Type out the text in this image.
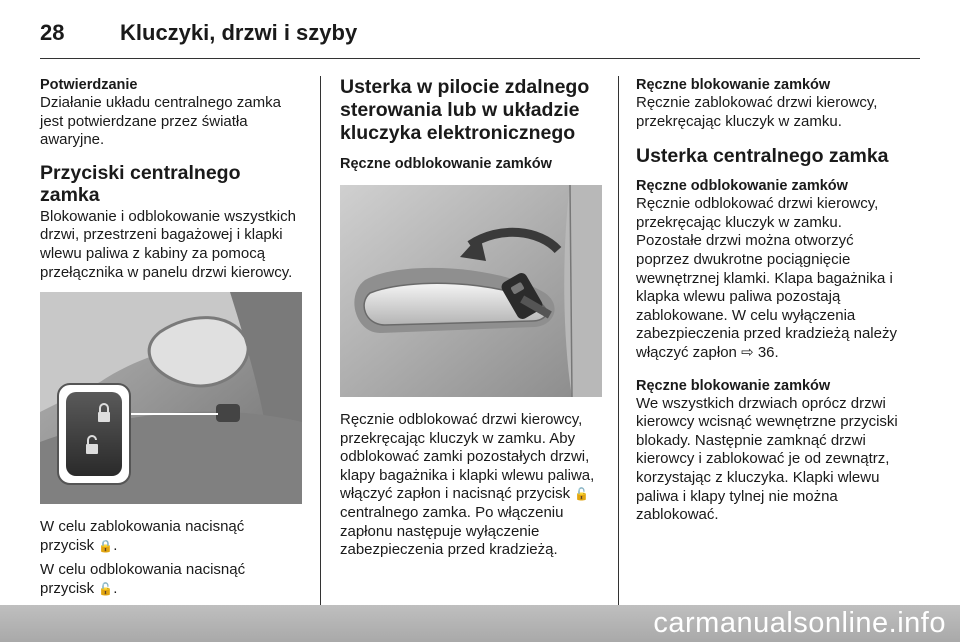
28	Kluczyki, drzwi i szyby

Potwierdzanie

Działanie układu centralnego zamka jest potwierdzane przez światła awaryjne.

Przyciski centralnego zamka

Blokowanie i odblokowanie wszystkich drzwi, przestrzeni bagażowej i klapki wlewu paliwa z kabiny za pomocą przełącznika w panelu drzwi kierowcy.

W celu zablokowania nacisnąć przycisk 🔒.

W celu odblokowania nacisnąć przycisk 🔓.

Usterka w pilocie zdalnego sterowania lub w układzie kluczyka elektronicznego

Ręczne odblokowanie zamków

Ręcznie odblokować drzwi kierowcy, przekręcając kluczyk w zamku. Aby odblokować zamki pozostałych drzwi, klapy bagażnika i klapki wlewu paliwa, włączyć zapłon i nacisnąć przycisk 🔓 centralnego zamka. Po włączeniu zapłonu następuje wyłączenie zabezpieczenia przed kradzieżą.

Ręczne blokowanie zamków

Ręcznie zablokować drzwi kierowcy, przekręcając kluczyk w zamku.

Usterka centralnego zamka

Ręczne odblokowanie zamków

Ręcznie odblokować drzwi kierowcy, przekręcając kluczyk w zamku. Pozostałe drzwi można otworzyć poprzez dwukrotne pociągnięcie wewnętrznej klamki. Klapa bagażnika i klapka wlewu paliwa pozostają zablokowane. W celu wyłączenia zabezpieczenia przed kradzieżą należy włączyć zapłon ⇨ 36.

Ręczne blokowanie zamków

We wszystkich drzwiach oprócz drzwi kierowcy wcisnąć wewnętrzne przyciski blokady. Następnie zamknąć drzwi kierowcy i zablokować je od zewnątrz, korzystając z kluczyka. Klapki wlewu paliwa i klapy tylnej nie można zablokować.

carmanualsonline.info
